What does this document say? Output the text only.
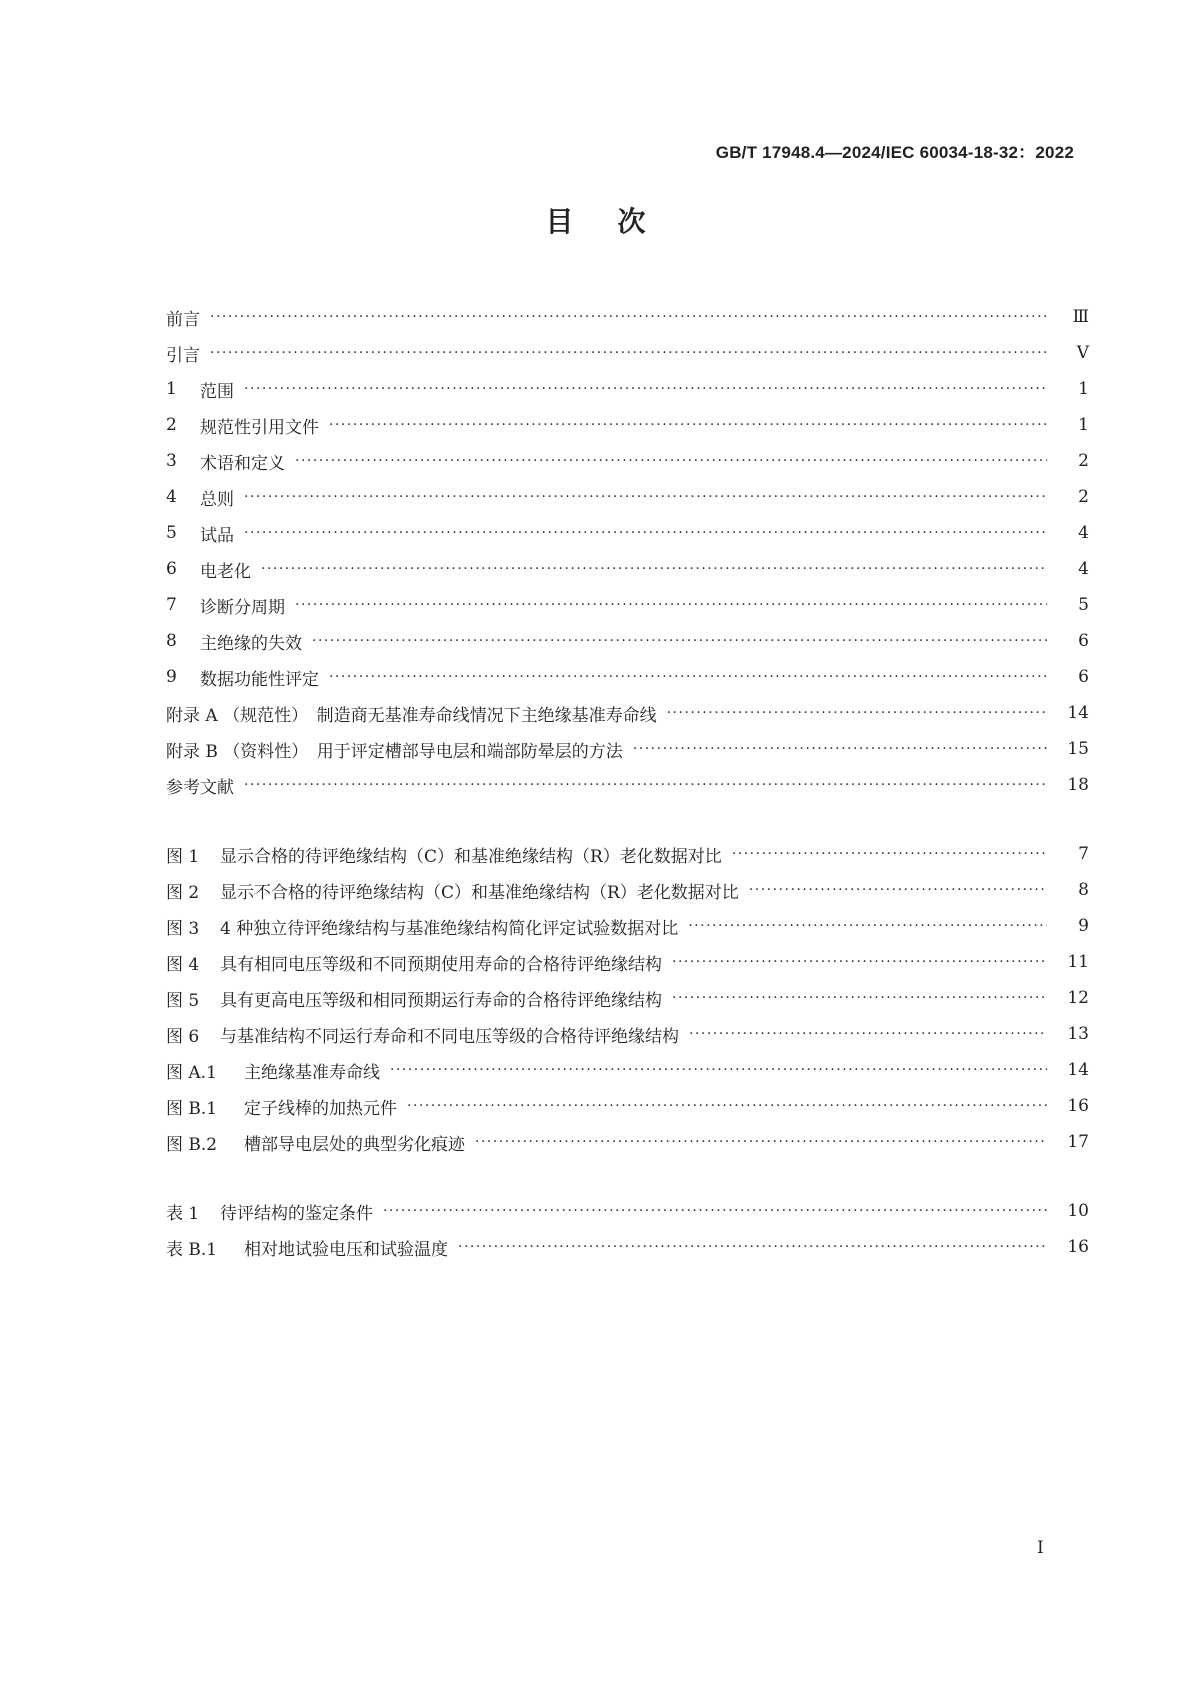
GB/T 17948.4—2024/IEC 60034-18-32：2022
目次
前言 ·····	Ⅲ
引言 ·····	Ⅴ
1	范围 ·····	1
2	规范性引用文件 ·····	1
3	术语和定义 ·····	2
4	总则 ·····	2
5	试品 ·····	4
6	电老化 ·····	4
7	诊断分周期 ·····	5
8	主绝缘的失效 ·····	6
9	数据功能性评定 ·····	6
附录 A （规范性）　制造商无基准寿命线情况下主绝缘基准寿命线 ·····	14
附录 B （资料性）　用于评定槽部导电层和端部防晕层的方法 ·····	15
参考文献 ·····	18
图 1	显示合格的待评绝缘结构（C）和基准绝缘结构（R）老化数据对比 ·····	7
图 2	显示不合格的待评绝缘结构（C）和基准绝缘结构（R）老化数据对比 ·····	8
图 3	4 种独立待评绝缘结构与基准绝缘结构简化评定试验数据对比 ·····	9
图 4	具有相同电压等级和不同预期使用寿命的合格待评绝缘结构 ·····	11
图 5	具有更高电压等级和相同预期运行寿命的合格待评绝缘结构 ·····	12
图 6	与基准结构不同运行寿命和不同电压等级的合格待评绝缘结构 ·····	13
图 A.1	主绝缘基准寿命线 ·····	14
图 B.1	定子线棒的加热元件 ·····	16
图 B.2	槽部导电层处的典型劣化痕迹 ·····	17
表 1	待评结构的鉴定条件 ·····	10
表 B.1	相对地试验电压和试验温度 ·····	16
I
